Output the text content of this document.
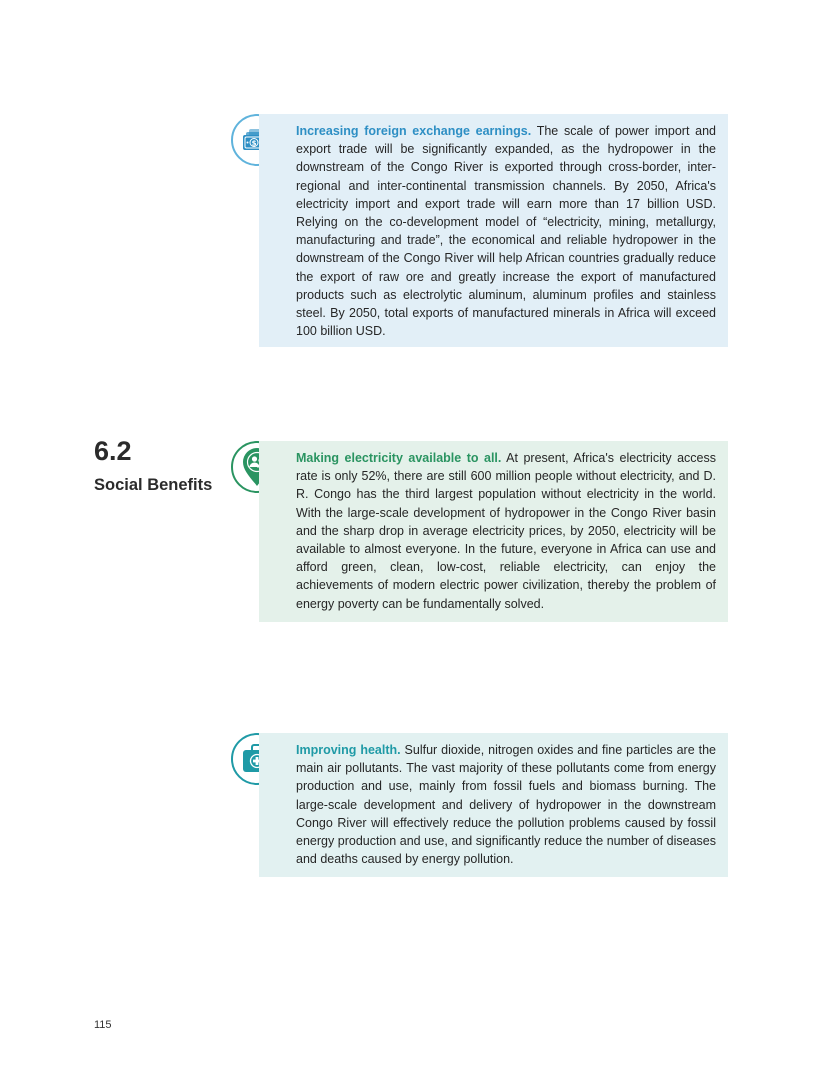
$
Increasing foreign exchange earnings. The scale of power import and export trade will be significantly expanded, as the hydropower in the downstream of the Congo River is exported through cross-border, inter-regional and inter-continental transmission channels. By 2050, Africa's electricity import and export trade will earn more than 17 billion USD. Relying on the co-development model of “electricity, mining, metallurgy, manufacturing and trade”, the economical and reliable hydropower in the downstream of the Congo River will help African countries gradually reduce the export of raw ore and greatly increase the export of manufactured products such as electrolytic aluminum, aluminum profiles and stainless steel. By 2050, total exports of manufactured minerals in Africa will exceed 100 billion USD.
6.2
Social Benefits
Making electricity available to all. At present, Africa's electricity access rate is only 52%, there are still 600 million people without electricity, and D. R. Congo has the third largest population without electricity in the world. With the large-scale development of hydropower in the Congo River basin and the sharp drop in average electricity prices, by 2050, electricity will be available to almost everyone. In the future, everyone in Africa can use and afford green, clean, low-cost, reliable electricity, can enjoy the achievements of modern electric power civilization, thereby the problem of energy poverty can be fundamentally solved.
Improving health. Sulfur dioxide, nitrogen oxides and fine particles are the main air pollutants. The vast majority of these pollutants come from energy production and use, mainly from fossil fuels and biomass burning. The large-scale development and delivery of hydropower in the downstream Congo River will effectively reduce the pollution problems caused by fossil energy production and use, and significantly reduce the number of diseases and deaths caused by energy pollution.
115
